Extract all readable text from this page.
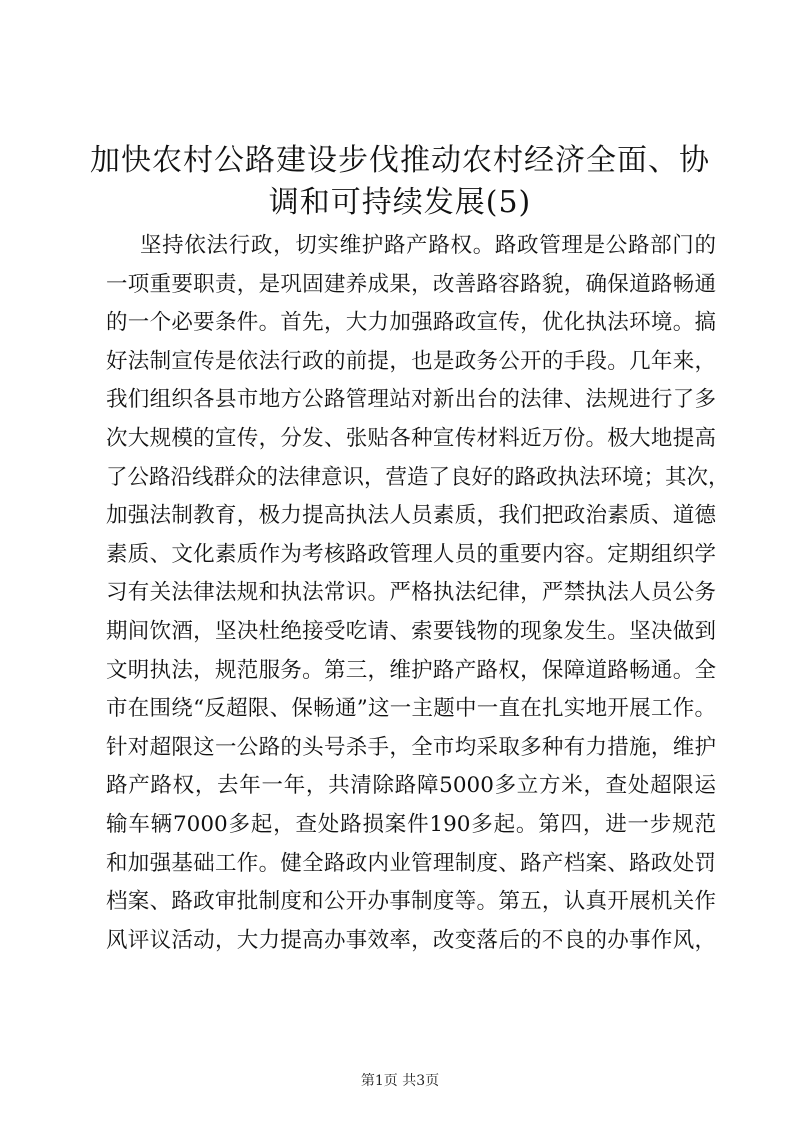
加快农村公路建设步伐推动农村经济全面、协
调和可持续发展(5)
坚持依法行政，切实维护路产路权。路政管理是公路部门的
一项重要职责，是巩固建养成果，改善路容路貌，确保道路畅通
的一个必要条件。首先，大力加强路政宣传，优化执法环境。搞
好法制宣传是依法行政的前提，也是政务公开的手段。几年来，
我们组织各县市地方公路管理站对新出台的法律、法规进行了多
次大规模的宣传，分发、张贴各种宣传材料近万份。极大地提高
了公路沿线群众的法律意识，营造了良好的路政执法环境；其次，
加强法制教育，极力提高执法人员素质，我们把政治素质、道德
素质、文化素质作为考核路政管理人员的重要内容。定期组织学
习有关法律法规和执法常识。严格执法纪律，严禁执法人员公务
期间饮酒，坚决杜绝接受吃请、索要钱物的现象发生。坚决做到
文明执法，规范服务。第三，维护路产路权，保障道路畅通。全
市在围绕“反超限、保畅通”这一主题中一直在扎实地开展工作。
针对超限这一公路的头号杀手，全市均采取多种有力措施，维护
路产路权，去年一年，共清除路障5000多立方米，查处超限运
输车辆7000多起，查处路损案件190多起。第四，进一步规范
和加强基础工作。健全路政内业管理制度、路产档案、路政处罚
档案、路政审批制度和公开办事制度等。第五，认真开展机关作
风评议活动，大力提高办事效率，改变落后的不良的办事作风，
第1页 共3页
